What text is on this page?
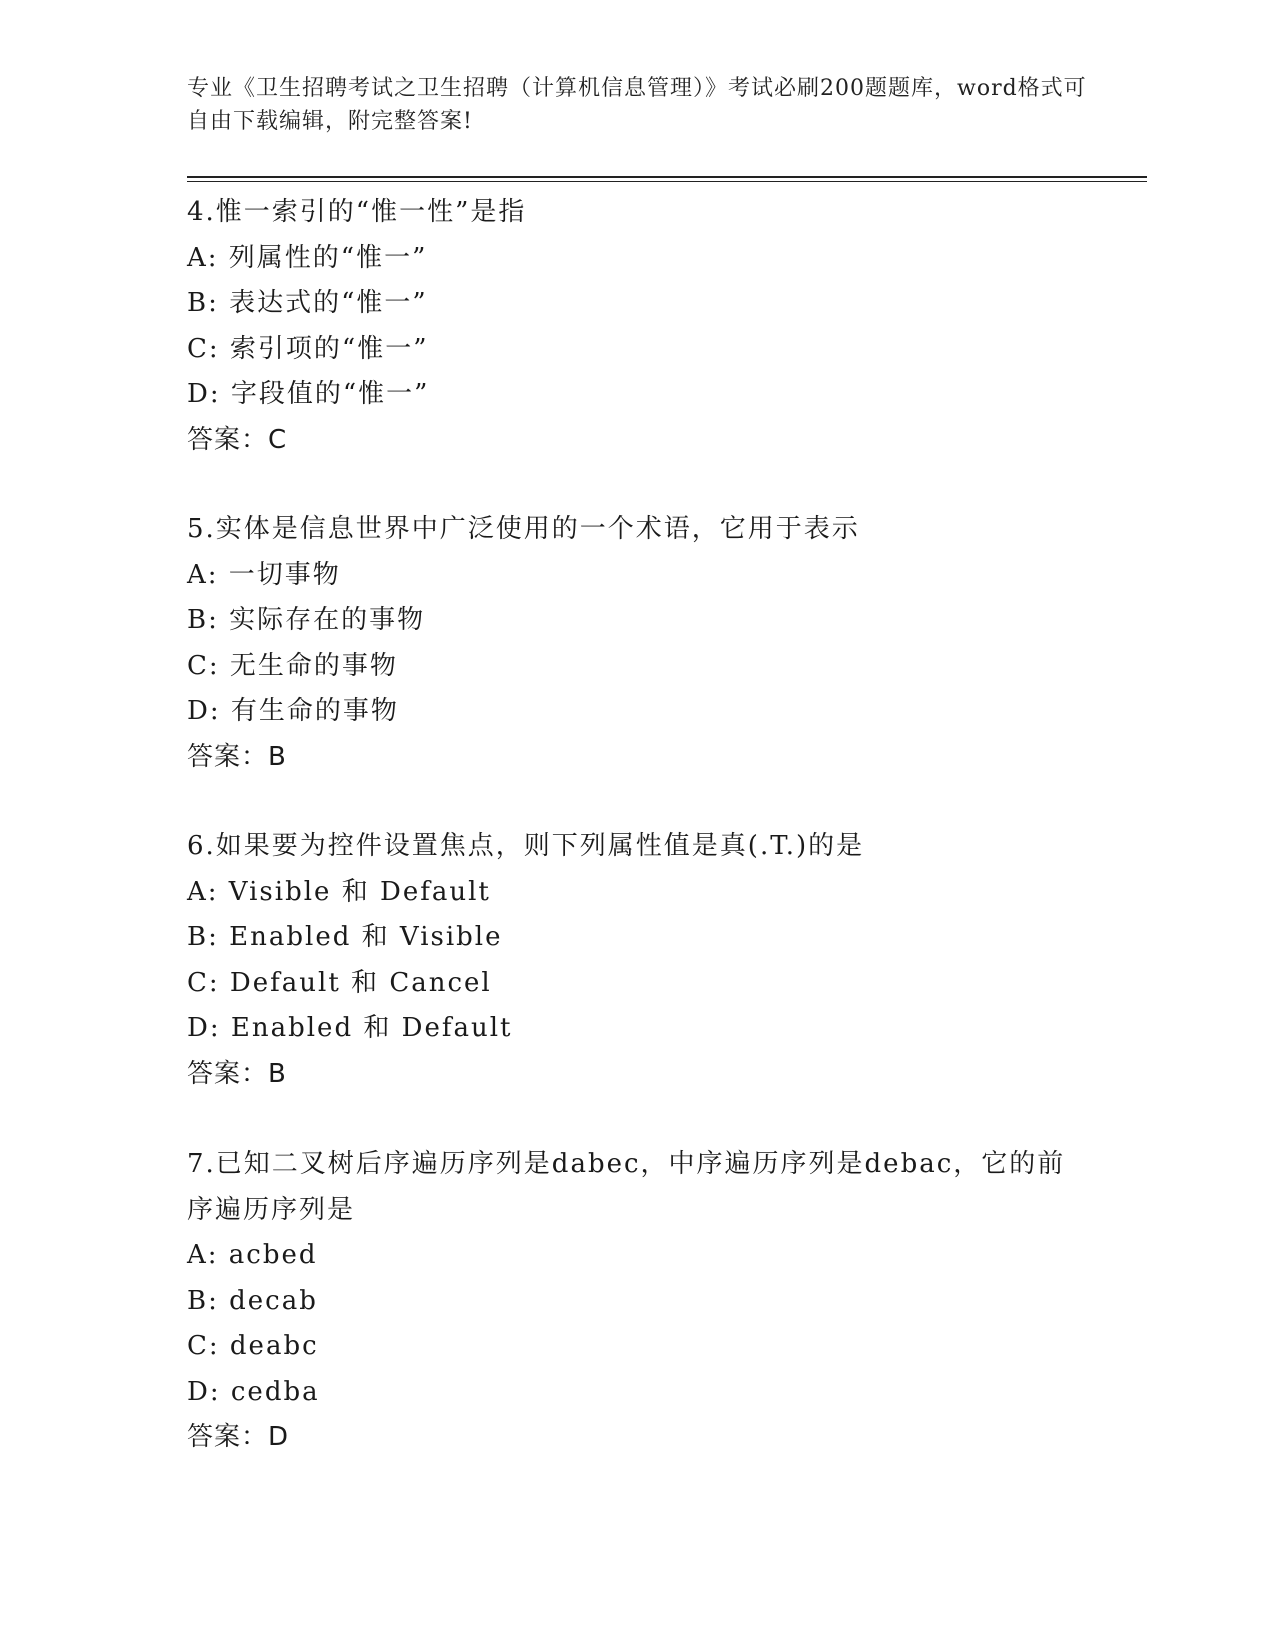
专业《卫生招聘考试之卫生招聘（计算机信息管理）》考试必刷200题题库，word格式可自由下载编辑，附完整答案!
4.惟一索引的“惟一性”是指
A: 列属性的“惟一”
B: 表达式的“惟一”
C: 索引项的“惟一”
D: 字段值的“惟一”
答案：C
5.实体是信息世界中广泛使用的一个术语，它用于表示
A: 一切事物
B: 实际存在的事物
C: 无生命的事物
D: 有生命的事物
答案：B
6.如果要为控件设置焦点，则下列属性值是真(.T.)的是
A: Visible 和 Default
B: Enabled 和 Visible
C: Default 和 Cancel
D: Enabled 和 Default
答案：B
7.已知二叉树后序遍历序列是dabec，中序遍历序列是debac，它的前序遍历序列是
A: acbed
B: decab
C: deabc
D: cedba
答案：D
